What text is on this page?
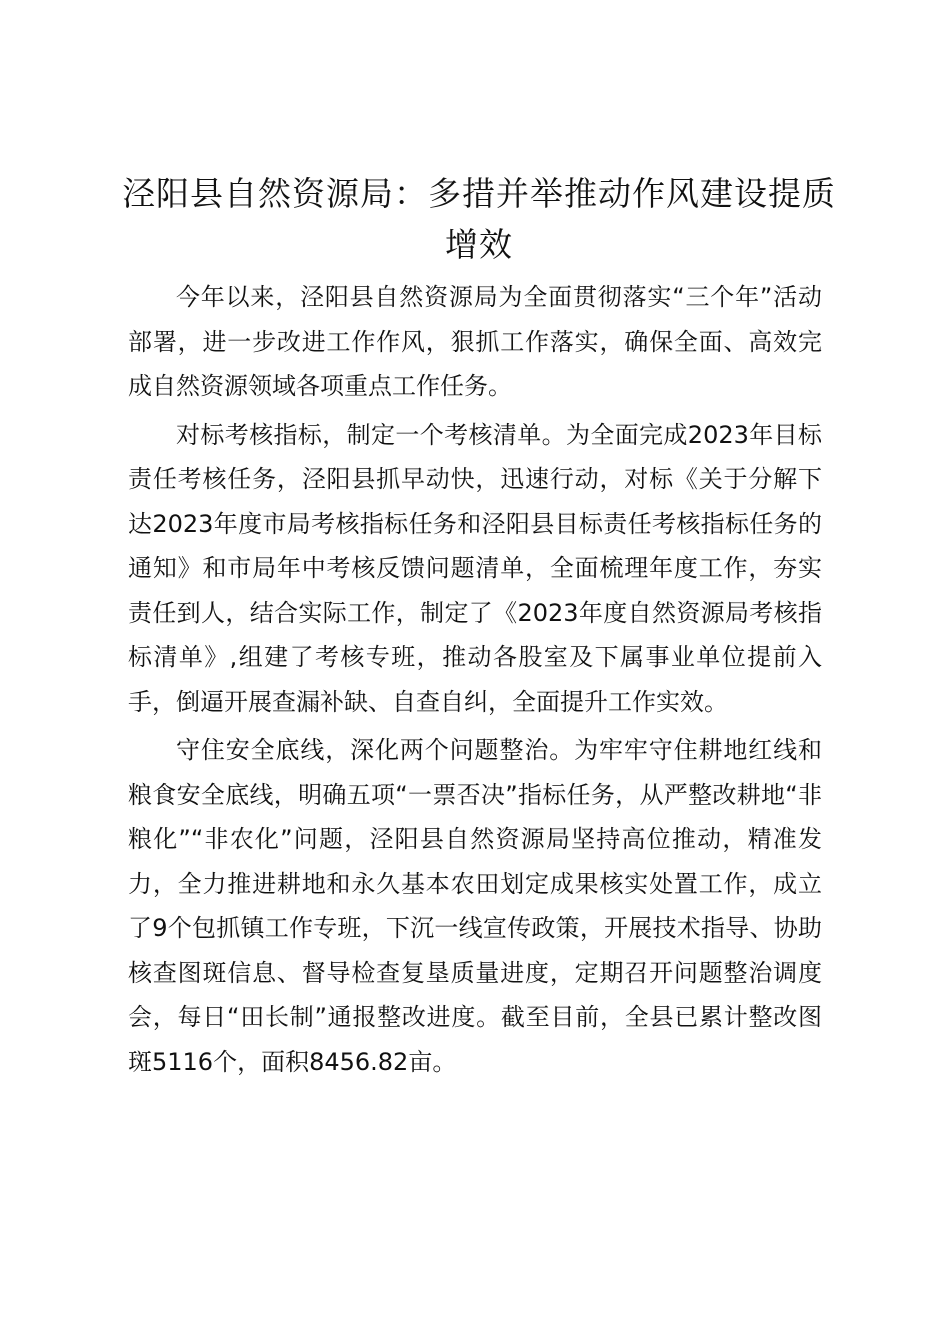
泾阳县自然资源局：多措并举推动作风建设提质增效

今年以来，泾阳县自然资源局为全面贯彻落实“三个年”活动部署，进一步改进工作作风，狠抓工作落实，确保全面、高效完成自然资源领域各项重点工作任务。

对标考核指标，制定一个考核清单。为全面完成2023年目标责任考核任务，泾阳县抓早动快，迅速行动，对标《关于分解下达2023年度市局考核指标任务和泾阳县目标责任考核指标任务的通知》和市局年中考核反馈问题清单，全面梳理年度工作，夯实责任到人，结合实际工作，制定了《2023年度自然资源局考核指标清单》,组建了考核专班，推动各股室及下属事业单位提前入手，倒逼开展查漏补缺、自查自纠，全面提升工作实效。

守住安全底线，深化两个问题整治。为牢牢守住耕地红线和粮食安全底线，明确五项“一票否决”指标任务，从严整改耕地“非粮化”“非农化”问题，泾阳县自然资源局坚持高位推动，精准发力，全力推进耕地和永久基本农田划定成果核实处置工作，成立了9个包抓镇工作专班，下沉一线宣传政策，开展技术指导、协助核查图斑信息、督导检查复垦质量进度，定期召开问题整治调度会，每日“田长制”通报整改进度。截至目前，全县已累计整改图斑5116个，面积8456.82亩。
